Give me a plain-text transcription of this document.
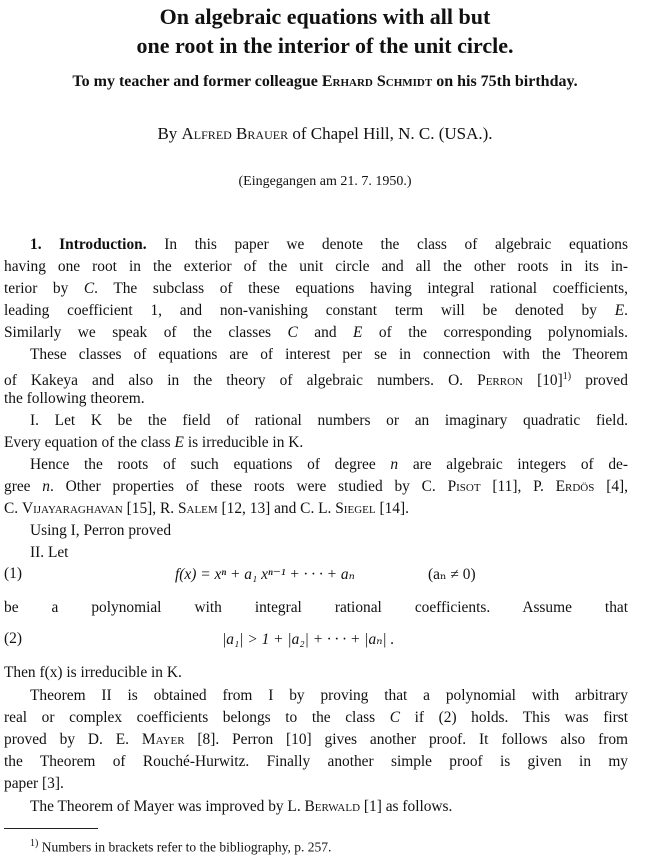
On algebraic equations with all but
one root in the interior of the unit circle.
To my teacher and former colleague Erhard Schmidt on his 75th birthday.
By Alfred Brauer of Chapel Hill, N. C. (USA.).
(Eingegangen am 21. 7. 1950.)
1. Introduction. In this paper we denote the class of algebraic equations
having one root in the exterior of the unit circle and all the other roots in its in-
terior by C. The subclass of these equations having integral rational coefficients,
leading coefficient 1, and non-vanishing constant term will be denoted by E.
Similarly we speak of the classes C and E of the corresponding polynomials.
These classes of equations are of interest per se in connection with the Theorem
of Kakeya and also in the theory of algebraic numbers. O. Perron $[10]^{1)}$ proved
the following theorem.
I. Let K be the field of rational numbers or an imaginary quadratic field.
Every equation of the class E is irreducible in K.
Hence the roots of such equations of degree n are algebraic integers of de-
gree n. Other properties of these roots were studied by C. Pisot [11], P. Erdös [4],
C. Vijayaraghavan [15], R. Salem [12, 13] and C. L. Siegel [14].
Using I, Perron proved
II. Let
(1)	f(x) = xⁿ + a₁ xⁿ⁻¹ + · · · + aₙ	(aₙ ≠ 0)
be a polynomial with integral rational coefficients. Assume that
(2)	|a₁| > 1 + |a₂| + · · · + |aₙ| .
Then f(x) is irreducible in K.
Theorem II is obtained from I by proving that a polynomial with arbitrary
real or complex coefficients belongs to the class C if (2) holds. This was first
proved by D. E. Mayer [8]. Perron [10] gives another proof. It follows also from
the Theorem of Rouché-Hurwitz. Finally another simple proof is given in my
paper [3].
The Theorem of Mayer was improved by L. Berwald [1] as follows.
$^{1)}$ Numbers in brackets refer to the bibliography, p. 257.
